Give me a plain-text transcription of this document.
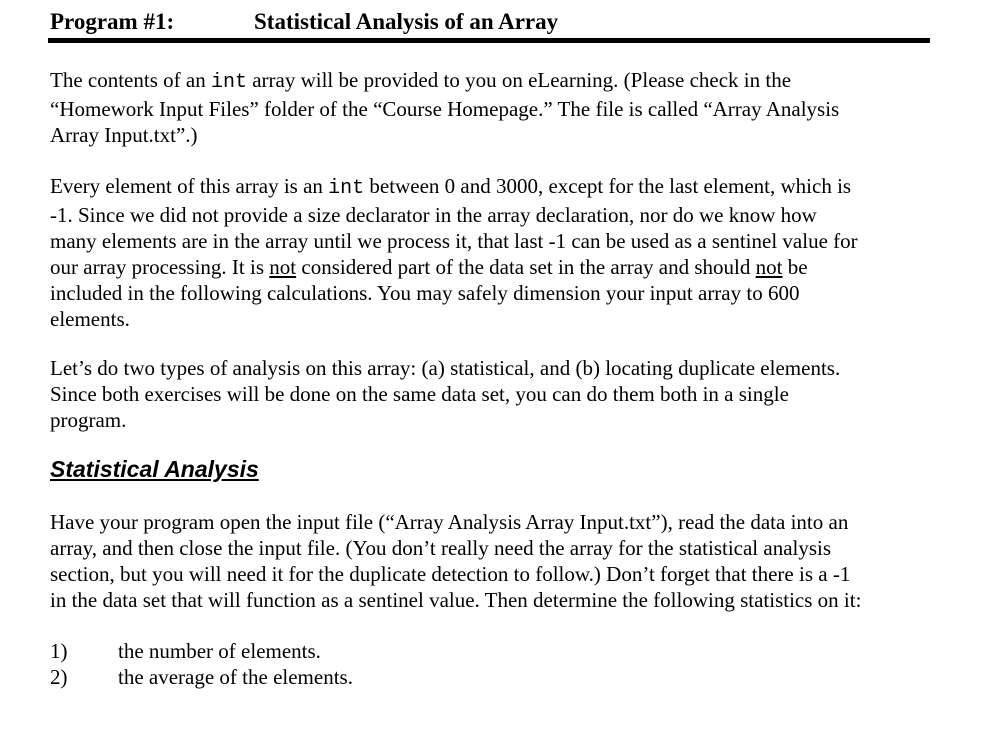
Program #1:	Statistical Analysis of an Array

The contents of an int array will be provided to you on eLearning. (Please check in the
“Homework Input Files” folder of the “Course Homepage.” The file is called “Array Analysis
Array Input.txt”.)

Every element of this array is an int between 0 and 3000, except for the last element, which is
-1. Since we did not provide a size declarator in the array declaration, nor do we know how
many elements are in the array until we process it, that last -1 can be used as a sentinel value for
our array processing. It is not considered part of the data set in the array and should not be
included in the following calculations. You may safely dimension your input array to 600
elements.

Let’s do two types of analysis on this array: (a) statistical, and (b) locating duplicate elements.
Since both exercises will be done on the same data set, you can do them both in a single
program.

Statistical Analysis

Have your program open the input file (“Array Analysis Array Input.txt”), read the data into an
array, and then close the input file. (You don’t really need the array for the statistical analysis
section, but you will need it for the duplicate detection to follow.) Don’t forget that there is a -1
in the data set that will function as a sentinel value. Then determine the following statistics on it:

1) the number of elements.
2) the average of the elements.
